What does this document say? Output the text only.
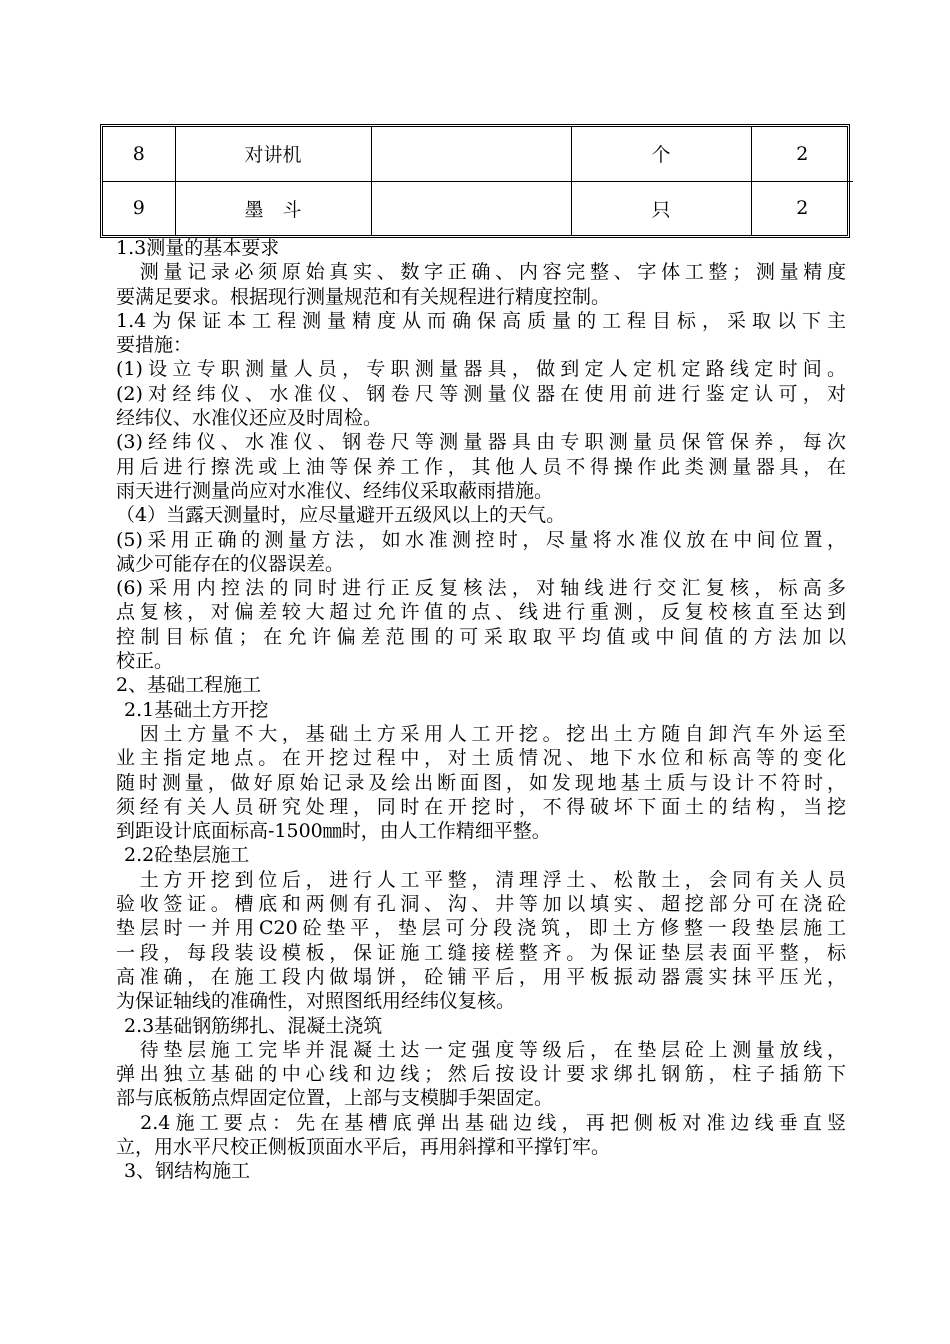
8	对讲机		个	2
9	墨　斗		只	2
1.3测量的基本要求
　测量记录必须原始真实、数字正确、内容完整、字体工整；测量精度
要满足要求。根据现行测量规范和有关规程进行精度控制。
1.4为保证本工程测量精度从而确保高质量的工程目标，采取以下主
要措施：
(1)设立专职测量人员，专职测量器具，做到定人定机定路线定时间。
(2)对经纬仪、水准仪、钢卷尺等测量仪器在使用前进行鉴定认可，对
经纬仪、水准仪还应及时周检。
(3)经纬仪、水准仪、钢卷尺等测量器具由专职测量员保管保养，每次
用后进行擦洗或上油等保养工作，其他人员不得操作此类测量器具，在
雨天进行测量尚应对水准仪、经纬仪采取蔽雨措施。
（4）当露天测量时，应尽量避开五级风以上的天气。
(5)采用正确的测量方法，如水准测控时，尽量将水准仪放在中间位置，
减少可能存在的仪器误差。
(6)采用内控法的同时进行正反复核法，对轴线进行交汇复核，标高多
点复核，对偏差较大超过允许值的点、线进行重测，反复校核直至达到
控制目标值；在允许偏差范围的可采取取平均值或中间值的方法加以
校正。
2、基础工程施工
2.1基础土方开挖
　因土方量不大，基础土方采用人工开挖。挖出土方随自卸汽车外运至
业主指定地点。在开挖过程中，对土质情况、地下水位和标高等的变化
随时测量，做好原始记录及绘出断面图，如发现地基土质与设计不符时，
须经有关人员研究处理，同时在开挖时，不得破坏下面土的结构，当挖
到距设计底面标高-1500㎜时，由人工作精细平整。
2.2砼垫层施工
　土方开挖到位后，进行人工平整，清理浮土、松散土，会同有关人员
验收签证。槽底和两侧有孔洞、沟、井等加以填实、超挖部分可在浇砼
垫层时一并用C20砼垫平，垫层可分段浇筑，即土方修整一段垫层施工
一段，每段装设模板，保证施工缝接槎整齐。为保证垫层表面平整，标
高准确，在施工段内做塌饼，砼铺平后，用平板振动器震实抹平压光，
为保证轴线的准确性，对照图纸用经纬仪复核。
2.3基础钢筋绑扎、混凝土浇筑
　待垫层施工完毕并混凝土达一定强度等级后，在垫层砼上测量放线，
弹出独立基础的中心线和边线；然后按设计要求绑扎钢筋，柱子插筋下
部与底板筋点焊固定位置，上部与支模脚手架固定。
　2.4施工要点：先在基槽底弹出基础边线，再把侧板对准边线垂直竖
立，用水平尺校正侧板顶面水平后，再用斜撑和平撑钉牢。
3、钢结构施工
